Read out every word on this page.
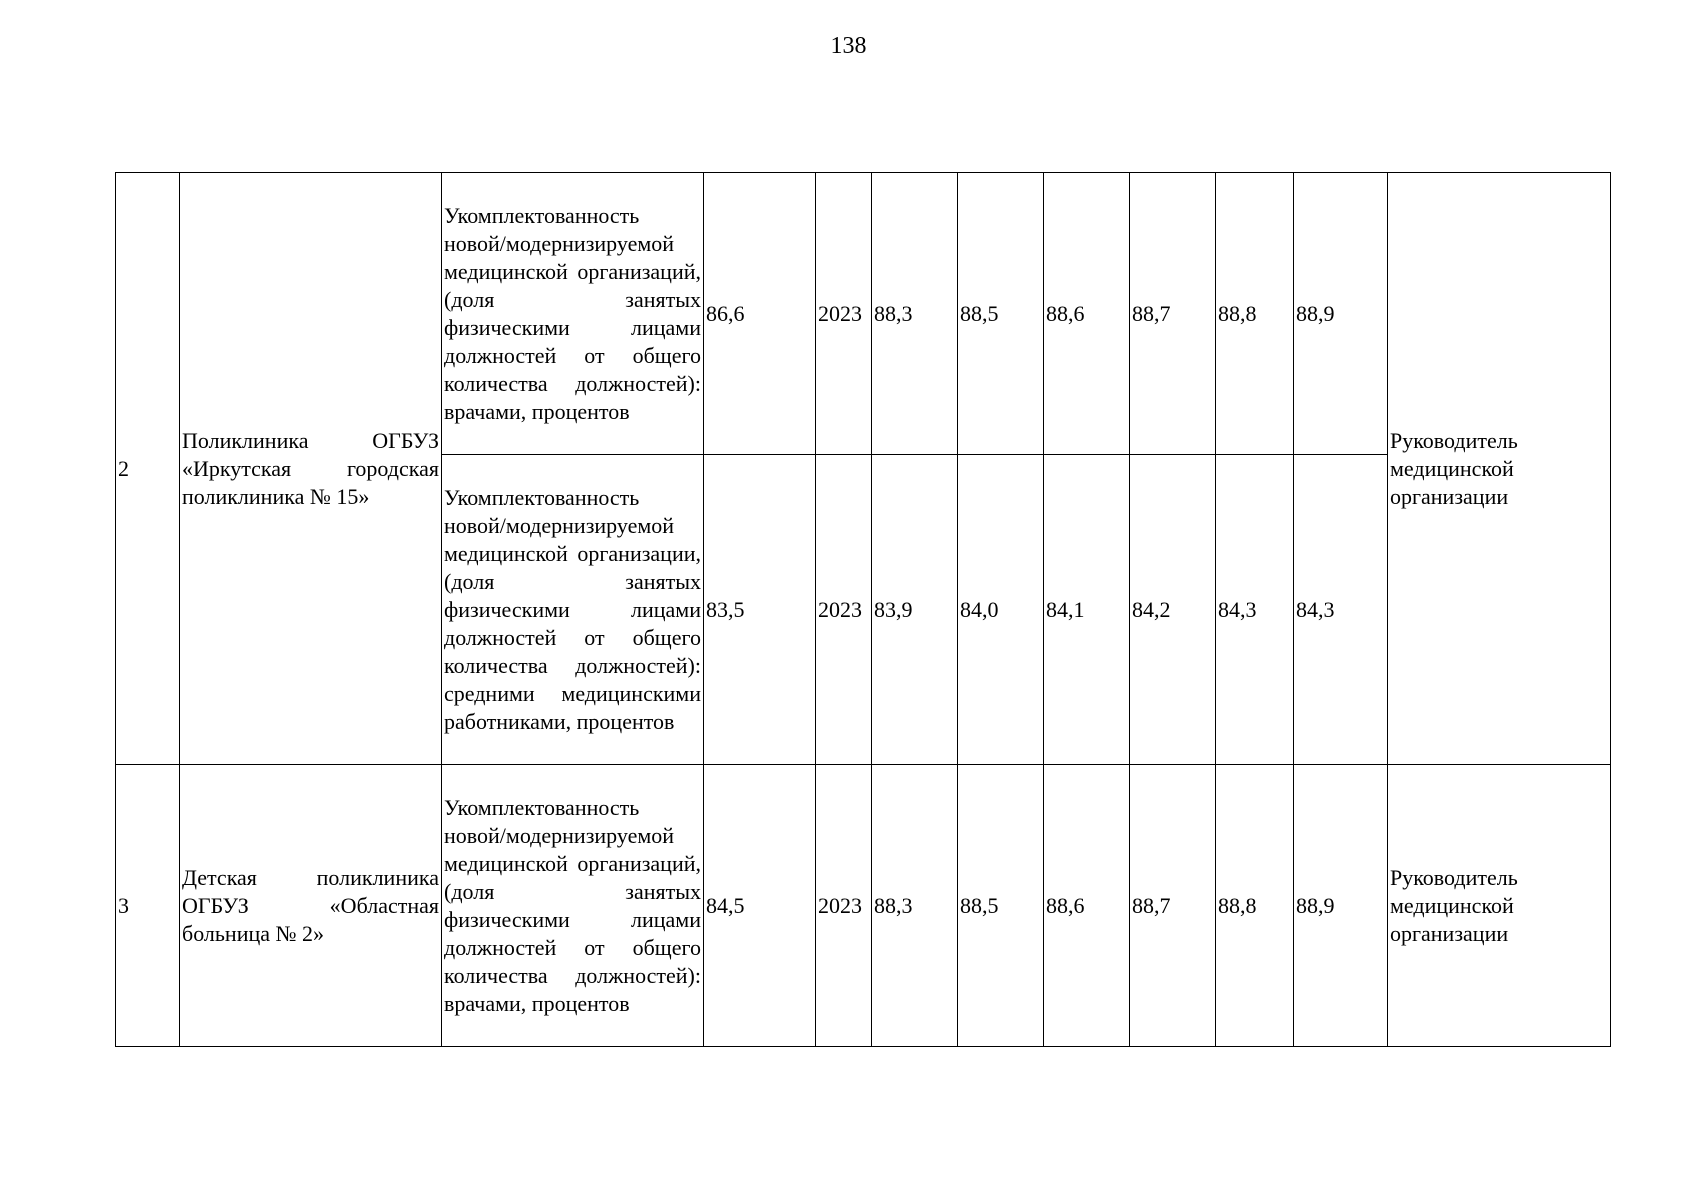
138
2	Поликлиника ОГБУЗ «Иркутская городская поликлиника № 15»	Укомплектованность новой/модернизируемой медицинской организаций, (доля занятых физическими лицами должностей от общего количества должностей): врачами, процентов	86,6	2023	88,3	88,5	88,6	88,7	88,8	88,9	Руководитель медицинской организации

		Укомплектованность новой/модернизируемой медицинской организации, (доля занятых физическими лицами должностей от общего количества должностей): средними медицинскими работниками, процентов	83,5	2023	83,9	84,0	84,1	84,2	84,3	84,3	
3	Детская поликлиника ОГБУЗ «Областная больница № 2»	Укомплектованность новой/модернизируемой медицинской организаций, (доля занятых физическими лицами должностей от общего количества должностей): врачами, процентов	84,5	2023	88,3	88,5	88,6	88,7	88,8	88,9	Руководитель медицинской организации
